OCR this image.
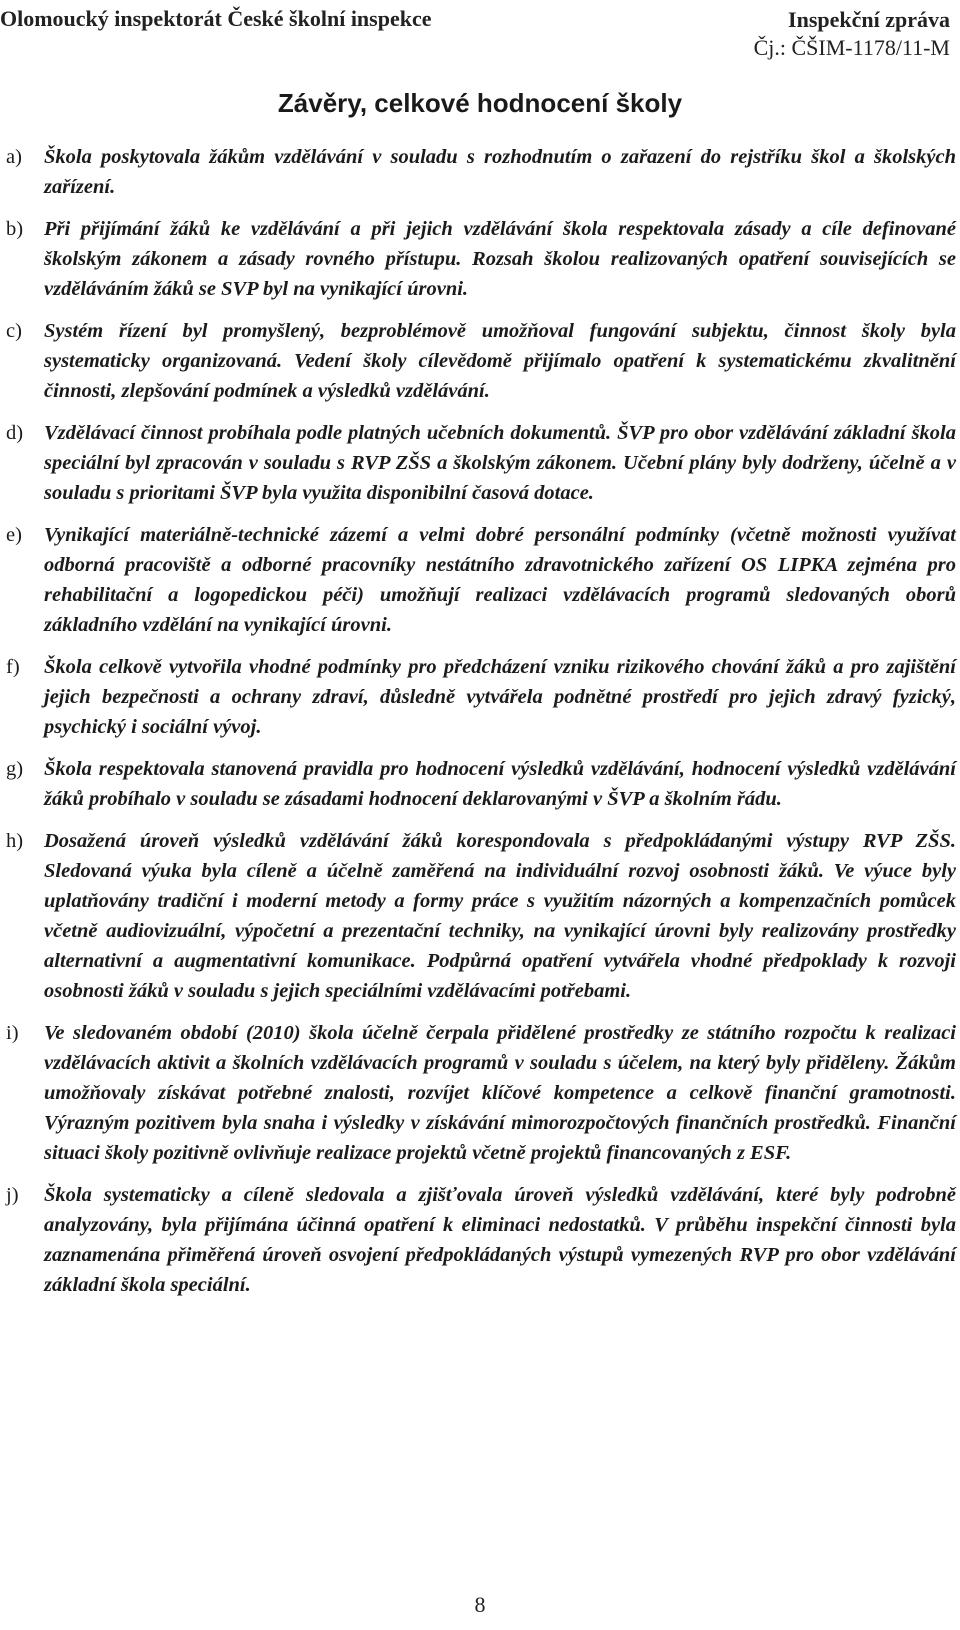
Olomoucký inspektorát České školní inspekce	Inspekční zpráva
Čj.: ČŠIM-1178/11-M
Závěry, celkové hodnocení školy
a) Škola poskytovala žákům vzdělávání v souladu s rozhodnutím o zařazení do rejstříku škol a školských zařízení.
b) Při přijímání žáků ke vzdělávání a při jejich vzdělávání škola respektovala zásady a cíle definované školským zákonem a zásady rovného přístupu. Rozsah školou realizovaných opatření souvisejících se vzděláváním žáků se SVP byl na vynikající úrovni.
c) Systém řízení byl promyšlený, bezproblémově umožňoval fungování subjektu, činnost školy byla systematicky organizovaná. Vedení školy cílevědomě přijímalo opatření k systematickému zkvalitnění činnosti, zlepšování podmínek a výsledků vzdělávání.
d) Vzdělávací činnost probíhala podle platných učebních dokumentů. ŠVP pro obor vzdělávání základní škola speciální byl zpracován v souladu s RVP ZŠS a školským zákonem. Učební plány byly dodrženy, účelně a v souladu s prioritami ŠVP byla využita disponibilní časová dotace.
e) Vynikající materiálně-technické zázemí a velmi dobré personální podmínky (včetně možnosti využívat odborná pracoviště a odborné pracovníky nestátního zdravotnického zařízení OS LIPKA zejména pro rehabilitační a logopedickou péči) umožňují realizaci vzdělávacích programů sledovaných oborů základního vzdělání na vynikající úrovni.
f) Škola celkově vytvořila vhodné podmínky pro předcházení vzniku rizikového chování žáků a pro zajištění jejich bezpečnosti a ochrany zdraví, důsledně vytvářela podnětné prostředí pro jejich zdravý fyzický, psychický i sociální vývoj.
g) Škola respektovala stanovená pravidla pro hodnocení výsledků vzdělávání, hodnocení výsledků vzdělávání žáků probíhalo v souladu se zásadami hodnocení deklarovanými v ŠVP a školním řádu.
h) Dosažená úroveň výsledků vzdělávání žáků korespondovala s předpokládanými výstupy RVP ZŠS. Sledovaná výuka byla cíleně a účelně zaměřená na individuální rozvoj osobnosti žáků. Ve výuce byly uplatňovány tradiční i moderní metody a formy práce s využitím názorných a kompenzačních pomůcek včetně audiovizuální, výpočetní a prezentační techniky, na vynikající úrovni byly realizovány prostředky alternativní a augmentativní komunikace. Podpůrná opatření vytvářela vhodné předpoklady k rozvoji osobnosti žáků v souladu s jejich speciálními vzdělávacími potřebami.
i) Ve sledovaném období (2010) škola účelně čerpala přidělené prostředky ze státního rozpočtu k realizaci vzdělávacích aktivit a školních vzdělávacích programů v souladu s účelem, na který byly přiděleny. Žákům umožňovaly získávat potřebné znalosti, rozvíjet klíčové kompetence a celkově finanční gramotnosti. Výrazným pozitivem byla snaha i výsledky v získávání mimorozpočtových finančních prostředků. Finanční situaci školy pozitivně ovlivňuje realizace projektů včetně projektů financovaných z ESF.
j) Škola systematicky a cíleně sledovala a zjišťovala úroveň výsledků vzdělávání, které byly podrobně analyzovány, byla přijímána účinná opatření k eliminaci nedostatků. V průběhu inspekční činnosti byla zaznamenána přiměřená úroveň osvojení předpokládaných výstupů vymezených RVP pro obor vzdělávání základní škola speciální.
8
